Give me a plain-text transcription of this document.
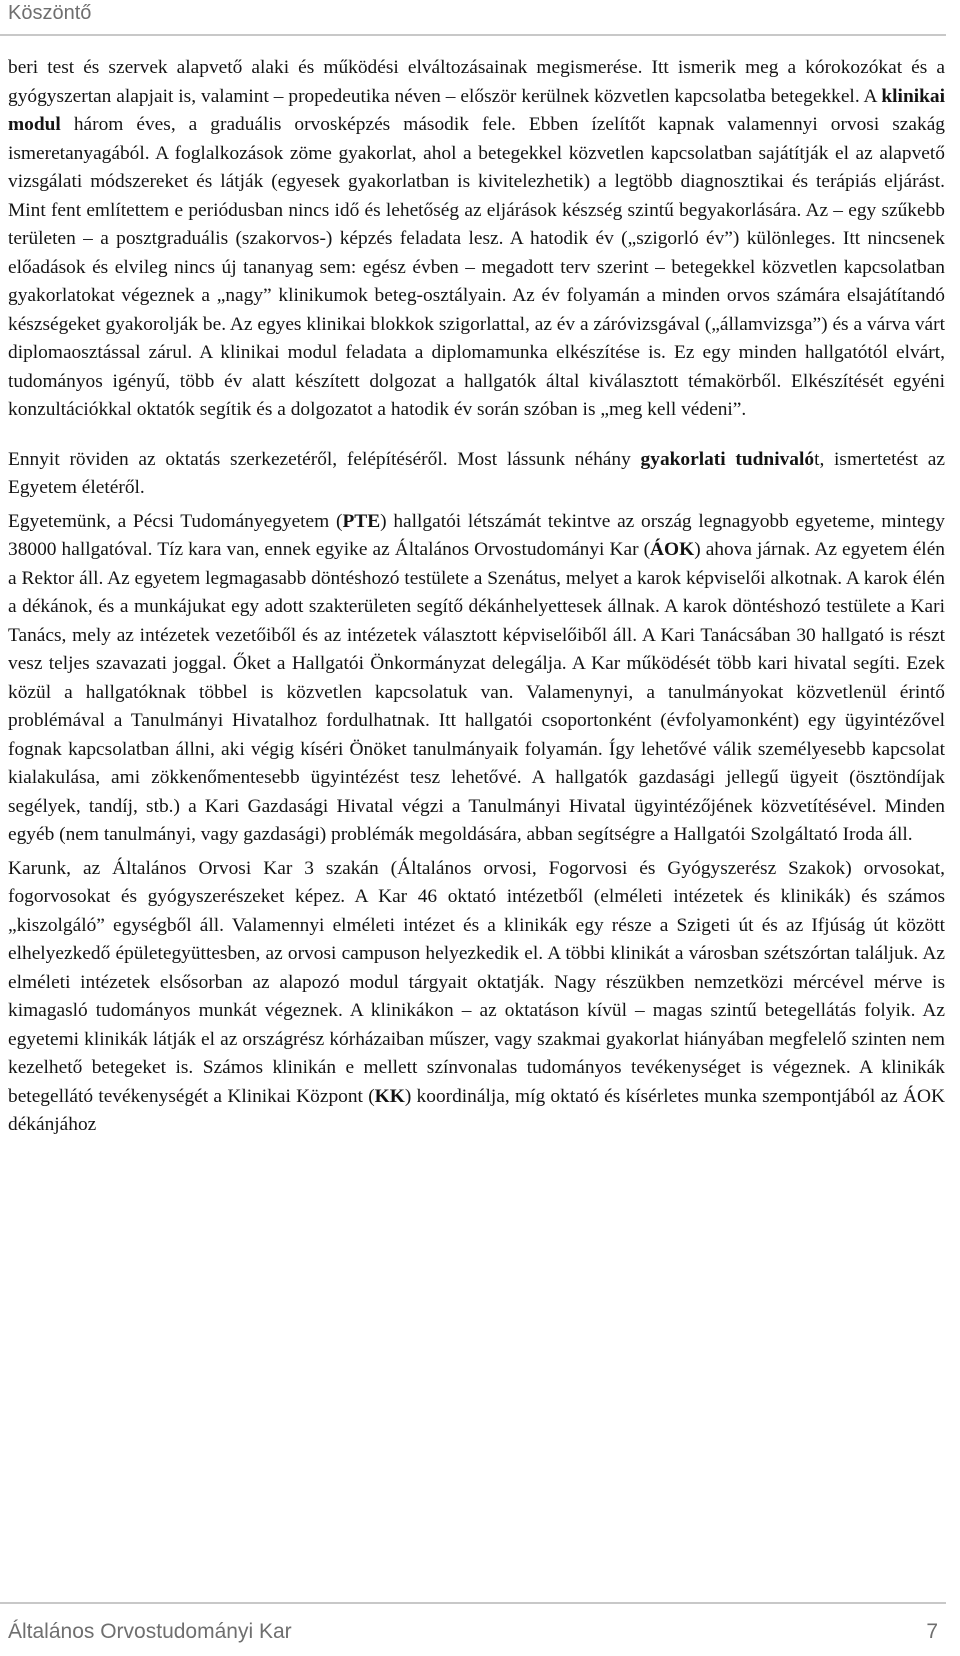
Köszöntő

beri test és szervek alapvető alaki és működési elváltozásainak megismerése. Itt ismerik meg a kórokozókat és a gyógyszertan alapjait is, valamint – propedeutika néven – először kerülnek közvetlen kapcsolatba betegekkel. A klinikai modul három éves, a graduális orvosképzés második fele. Ebben ízelítőt kapnak valamennyi orvosi szakág ismeretanyagából. A foglalkozások zöme gyakorlat, ahol a betegekkel közvetlen kapcsolatban sajátítják el az alapvető vizsgálati módszereket és látják (egyesek gyakorlatban is kivitelezhetik) a legtöbb diagnosztikai és terápiás eljárást. Mint fent említettem e periódusban nincs idő és lehetőség az eljárások készség szintű begyakorlására. Az – egy szűkebb területen – a posztgraduális (szakorvos-) képzés feladata lesz. A hatodik év („szigorló év”) különleges. Itt nincsenek előadások és elvileg nincs új tananyag sem: egész évben – megadott terv szerint – betegekkel közvetlen kapcsolatban gyakorlatokat végeznek a „nagy” klinikumok beteg-osztályain. Az év folyamán a minden orvos számára elsajátítandó készségeket gyakorolják be. Az egyes klinikai blokkok szigorlattal, az év a záróvizsgával („államvizsga”) és a várva várt diplomaosztással zárul. A klinikai modul feladata a diplomamunka elkészítése is. Ez egy minden hallgatótól elvárt, tudományos igényű, több év alatt készített dolgozat a hallgatók által kiválasztott témakörből. Elkészítését egyéni konzultációkkal oktatók segítik és a dolgozatot a hatodik év során szóban is „meg kell védeni”.

Ennyit röviden az oktatás szerkezetéről, felépítéséről. Most lássunk néhány gyakorlati tudnivalót, ismertetést az Egyetem életéről.

Egyetemünk, a Pécsi Tudományegyetem (PTE) hallgatói létszámát tekintve az ország legnagyobb egyeteme, mintegy 38000 hallgatóval. Tíz kara van, ennek egyike az Általános Orvostudományi Kar (ÁOK) ahova járnak. Az egyetem élén a Rektor áll. Az egyetem legmagasabb döntéshozó testülete a Szenátus, melyet a karok képviselői alkotnak. A karok élén a dékánok, és a munkájukat egy adott szakterületen segítő dékánhelyettesek állnak. A karok döntéshozó testülete a Kari Tanács, mely az intézetek vezetőiből és az intézetek választott képviselőiből áll. A Kari Tanácsában 30 hallgató is részt vesz teljes szavazati joggal. Őket a Hallgatói Önkormányzat delegálja. A Kar működését több kari hivatal segíti. Ezek közül a hallgatóknak többel is közvetlen kapcsolatuk van. Valamenynyi, a tanulmányokat közvetlenül érintő problémával a Tanulmányi Hivatalhoz fordulhatnak. Itt hallgatói csoportonként (évfolyamonként) egy ügyintézővel fognak kapcsolatban állni, aki végig kíséri Önöket tanulmányaik folyamán. Így lehetővé válik személyesebb kapcsolat kialakulása, ami zökkenőmentesebb ügyintézést tesz lehetővé. A hallgatók gazdasági jellegű ügyeit (ösztöndíjak segélyek, tandíj, stb.) a Kari Gazdasági Hivatal végzi a Tanulmányi Hivatal ügyintézőjének közvetítésével. Minden egyéb (nem tanulmányi, vagy gazdasági) problémák megoldására, abban segítségre a Hallgatói Szolgáltató Iroda áll.

Karunk, az Általános Orvosi Kar 3 szakán (Általános orvosi, Fogorvosi és Gyógyszerész Szakok) orvosokat, fogorvosokat és gyógyszerészeket képez. A Kar 46 oktató intézetből (elméleti intézetek és klinikák) és számos „kiszolgáló” egységből áll. Valamennyi elméleti intézet és a klinikák egy része a Szigeti út és az Ifjúság út között elhelyezkedő épületegyüttesben, az orvosi campuson helyezkedik el. A többi klinikát a városban szétszórtan találjuk. Az elméleti intézetek elsősorban az alapozó modul tárgyait oktatják. Nagy részükben nemzetközi mércével mérve is kimagasló tudományos munkát végeznek. A klinikákon – az oktatáson kívül – magas szintű betegellátás folyik. Az egyetemi klinikák látják el az országrész kórházaiban műszer, vagy szakmai gyakorlat hiányában megfelelő szinten nem kezelhető betegeket is. Számos klinikán e mellett színvonalas tudományos tevékenységet is végeznek. A klinikák betegellátó tevékenységét a Klinikai Központ (KK) koordinálja, míg oktató és kísérletes munka szempontjából az ÁOK dékánjához

Általános Orvostudományi Kar	7
